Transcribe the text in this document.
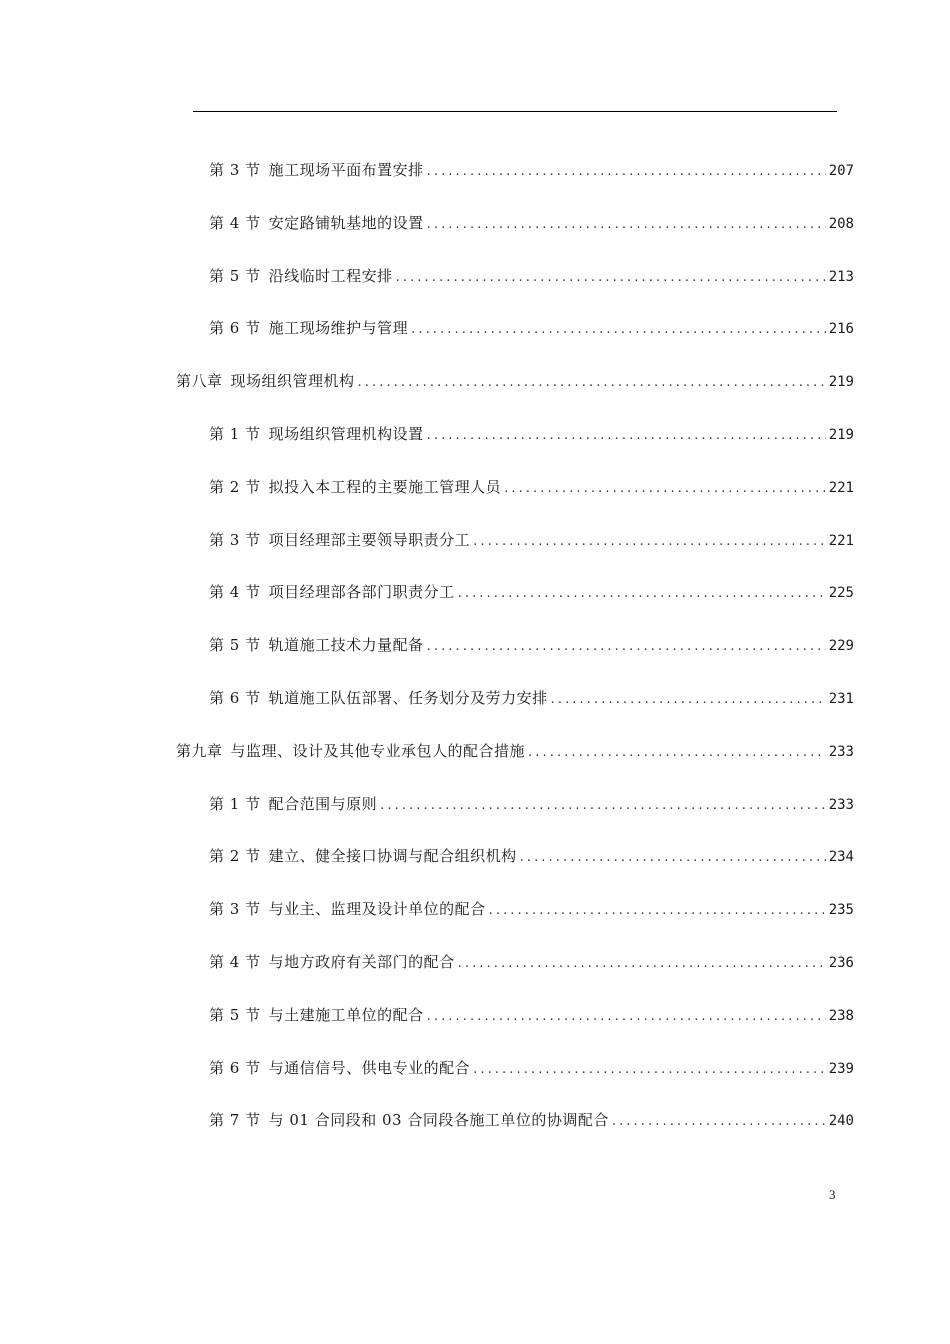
第 3 节 施工现场平面布置安排 .....	207
第 4 节 安定路铺轨基地的设置 .....	208
第 5 节 沿线临时工程安排 .....	213
第 6 节 施工现场维护与管理 .....	216
第八章 现场组织管理机构 .....	219
第 1 节 现场组织管理机构设置 .....	219
第 2 节 拟投入本工程的主要施工管理人员 .....	221
第 3 节 项目经理部主要领导职责分工 .....	221
第 4 节 项目经理部各部门职责分工 .....	225
第 5 节 轨道施工技术力量配备 .....	229
第 6 节 轨道施工队伍部署、任务划分及劳力安排 .....	231
第九章 与监理、设计及其他专业承包人的配合措施 .....	233
第 1 节 配合范围与原则 .....	233
第 2 节 建立、健全接口协调与配合组织机构 .....	234
第 3 节 与业主、监理及设计单位的配合 .....	235
第 4 节 与地方政府有关部门的配合 .....	236
第 5 节 与土建施工单位的配合 .....	238
第 6 节 与通信信号、供电专业的配合 .....	239
第 7 节 与 01 合同段和 03 合同段各施工单位的协调配合 .....	240
3
